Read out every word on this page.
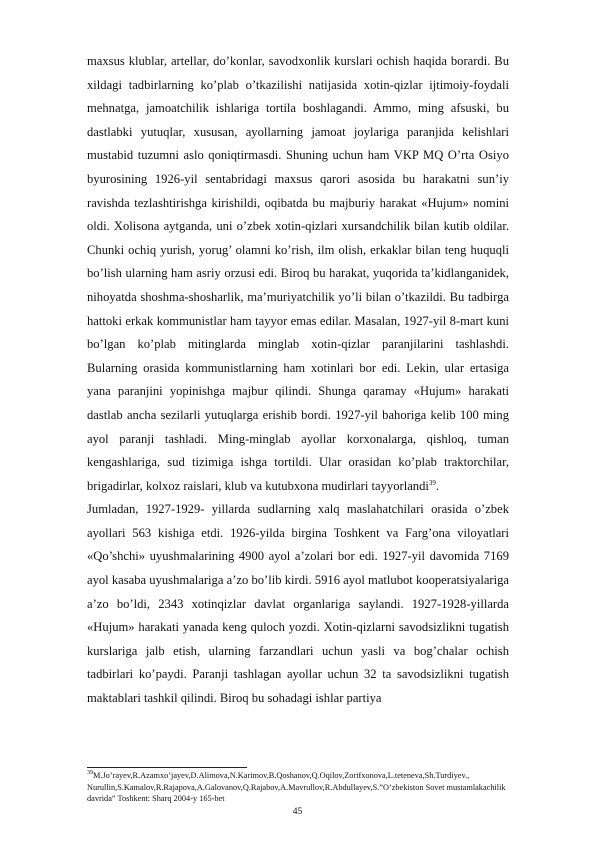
maxsus klublar, artellar, do’konlar, savodxonlik kurslari ochish haqida borardi. Bu xildagi tadbirlarning ko’plab o’tkazilishi natijasida xotin-qizlar ijtimoiy-foydali mehnatga, jamoatchilik ishlariga tortila boshlagandi. Ammo, ming afsuski, bu dastlabki yutuqlar, xususan, ayollarning jamoat joylariga paranjida kelishlari mustabid tuzumni aslo qoniqtirmasdi. Shuning uchun ham VKP MQ O’rta Osiyo byurosining 1926-yil sentabridagi maxsus qarori asosida bu harakatni sun’iy ravishda tezlashtirishga kirishildi, oqibatda bu majburiy harakat «Hujum» nomini oldi. Xolisona aytganda, uni o’zbek xotin-qizlari xursandchilik bilan kutib oldilar. Chunki ochiq yurish, yorug’ olamni ko’rish, ilm olish, erkaklar bilan teng huquqli bo’lish ularning ham asriy orzusi edi. Biroq bu harakat, yuqorida ta’kidlanganidek, nihoyatda shoshma-shosharlik, ma’muriyatchilik yo’li bilan o’tkazildi. Bu tadbirga hattoki erkak kommunistlar ham tayyor emas edilar. Masalan, 1927-yil 8-mart kuni bo’lgan ko’plab mitinglarda minglab xotin-qizlar paranjilarini tashlashdi. Bularning orasida kommunistlarning ham xotinlari bor edi. Lekin, ular ertasiga yana paranjini yopinishga majbur qilindi. Shunga qaramay «Hujum» harakati dastlab ancha sezilarli yutuqlarga erishib bordi. 1927-yil bahoriga kelib 100 ming ayol paranji tashladi. Ming-minglab ayollar korxonalarga, qishloq, tuman kengashlariga, sud tizimiga ishga tortildi. Ular orasidan ko’plab traktorchilar, brigadirlar, kolxoz raislari, klub va kutubxona mudirlari tayyorlandi$^{39}$.

Jumladan, 1927-1929- yillarda sudlarning xalq maslahatchilari orasida o’zbek ayollari 563 kishiga etdi. 1926-yilda birgina Toshkent va Farg’ona viloyatlari «Qo’shchi» uyushmalarining 4900 ayol a’zolari bor edi. 1927-yil davomida 7169 ayol kasaba uyushmalariga a’zo bo’lib kirdi. 5916 ayol matlubot kooperatsiyalariga a’zo bo’ldi, 2343 xotinqizlar davlat organlariga saylandi. 1927-1928-yillarda «Hujum» harakati yanada keng quloch yozdi. Xotin-qizlarni savodsizlikni tugatish kurslariga jalb etish, ularning farzandlari uchun yasli va bog’chalar ochish tadbirlari ko’paydi. Paranji tashlagan ayollar uchun 32 ta savodsizlikni tugatish maktablari tashkil qilindi. Biroq bu sohadagi ishlar partiya

$^{39}$M.Jo’rayev,R.Azamxo’jayev,D.Alimova,N.Karimov,B.Qoshanov,Q.Oqilov,Zorifxonova,L.teteneva,Sh.Turdiyev., Nurullin,S.Kamalov,R.Rajapova,A.Galovanov,Q.Rajabov,A.Mavrullov,R.Abdullayev,S.”O’zbekiston Sovet mustamlakachilik davrida” Toshkent: Sharq 2004-y 165-bet

45
